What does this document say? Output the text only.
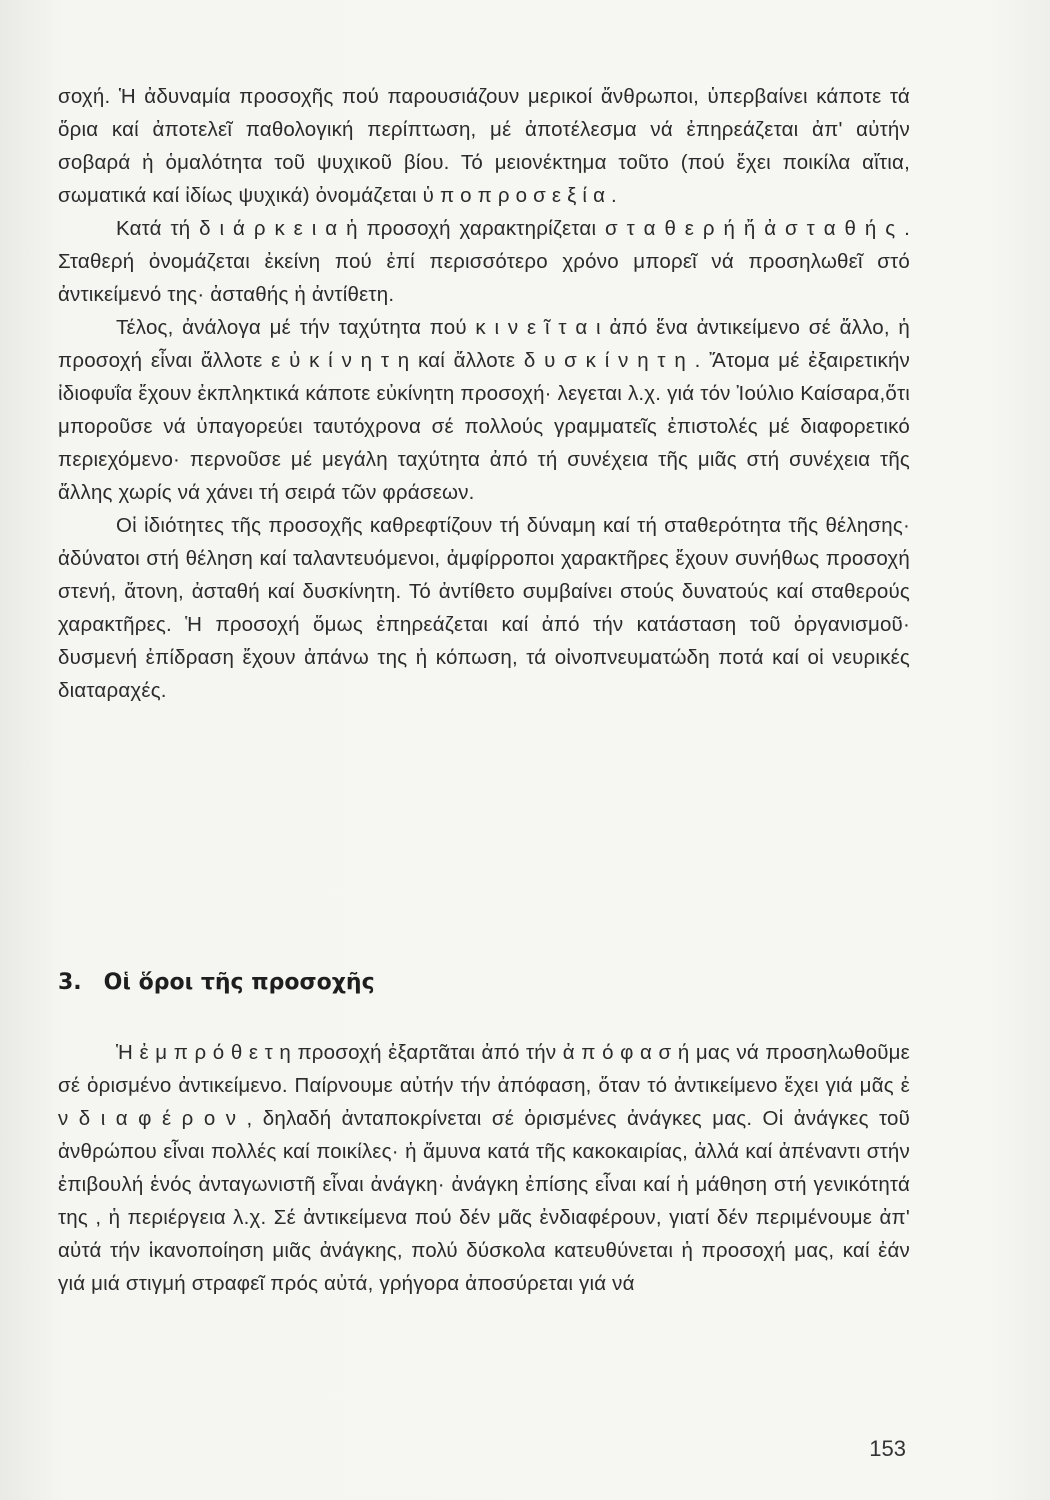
σοχή. Ἡ ἀδυναμία προσοχῆς πού παρουσιάζουν μερικοί ἄνθρωποι, ὑπερβαίνει κάποτε τά ὅρια καί ἀποτελεῖ παθολογική περίπτωση, μέ ἀποτέλεσμα νά ἐπηρεάζεται ἀπ' αὐτήν σοβαρά ἡ ὁμαλότητα τοῦ ψυχικοῦ βίου. Τό μειονέκτημα τοῦτο (πού ἔχει ποικίλα αἴτια, σωματικά καί ἰδίως ψυχικά) ὀνομάζεται ὑ π ο π ρ ο σ ε ξ ί α .

Κατά τή δ ι ά ρ κ ε ι α ἡ προσοχή χαρακτηρίζεται σ τ α θ ε ρ ή ἤ ἀ σ τ α θ ή ς . Σταθερή ὀνομάζεται ἐκείνη πού ἐπί περισσότερο χρόνο μπορεῖ νά προσηλωθεῖ στό ἀντικείμενό της· ἀσταθής ἡ ἀντίθετη.

Τέλος, ἀνάλογα μέ τήν ταχύτητα πού κ ι ν ε ῖ τ α ι ἀπό ἕνα ἀντικείμενο σέ ἄλλο, ἡ προσοχή εἶναι ἄλλοτε ε ὐ κ ί ν η τ η καί ἄλλοτε δ υ σ κ ί ν η τ η . Ἄτομα μέ ἐξαιρετικήν ἰδιοφυΐα ἔχουν ἐκπληκτικά κάποτε εὐκίνητη προσοχή· λεγεται λ.χ. γιά τόν Ἰούλιο Καίσαρα,ὅτι μποροῦσε νά ὑπαγορεύει ταυτόχρονα σέ πολλούς γραμματεῖς ἐπιστολές μέ διαφορετικό περιεχόμενο· περνοῦσε μέ μεγάλη ταχύτητα ἀπό τή συνέχεια τῆς μιᾶς στή συνέχεια τῆς ἄλλης χωρίς νά χάνει τή σειρά τῶν φράσεων.

Οἱ ἰδιότητες τῆς προσοχῆς καθρεφτίζουν τή δύναμη καί τή σταθερότητα τῆς θέλησης· ἀδύνατοι στή θέληση καί ταλαντευόμενοι, ἀμφίρροποι χαρακτῆρες ἔχουν συνήθως προσοχή στενή, ἄτονη, ἀσταθή καί δυσκίνητη. Τό ἀντίθετο συμβαίνει στούς δυνατούς καί σταθερούς χαρακτῆρες. Ἡ προσοχή ὅμως ἐπηρεάζεται καί ἀπό τήν κατάσταση τοῦ ὀργανισμοῦ· δυσμενή ἐπίδραση ἔχουν ἀπάνω της ἡ κόπωση, τά οἰνοπνευματώδη ποτά καί οἱ νευρικές διαταραχές.

3. Οἱ ὅροι τῆς προσοχῆς

Ἡ ἐ μ π ρ ό θ ε τ η προσοχή ἐξαρτᾶται ἀπό τήν ἀ π ό φ α σ ή μας νά προσηλωθοῦμε σέ ὁρισμένο ἀντικείμενο. Παίρνουμε αὐτήν τήν ἀπόφαση, ὅταν τό ἀντικείμενο ἔχει γιά μᾶς ἐ ν δ ι α φ έ ρ ο ν , δηλαδή ἀνταποκρίνεται σέ ὁρισμένες ἀνάγκες μας. Οἱ ἀνάγκες τοῦ ἀνθρώπου εἶναι πολλές καί ποικίλες· ἡ ἄμυνα κατά τῆς κακοκαιρίας, ἀλλά καί ἀπέναντι στήν ἐπιβουλή ἑνός ἀνταγωνιστῆ εἶναι ἀνάγκη· ἀνάγκη ἐπίσης εἶναι καί ἡ μάθηση στή γενικότητά της , ἡ περιέργεια λ.χ. Σέ ἀντικείμενα πού δέν μᾶς ἐνδιαφέρουν, γιατί δέν περιμένουμε ἀπ' αὐτά τήν ἱκανοποίηση μιᾶς ἀνάγκης, πολύ δύσκολα κατευθύνεται ἡ προσοχή μας, καί ἐάν γιά μιά στιγμή στραφεῖ πρός αὐτά, γρήγορα ἀποσύρεται γιά νά

153
